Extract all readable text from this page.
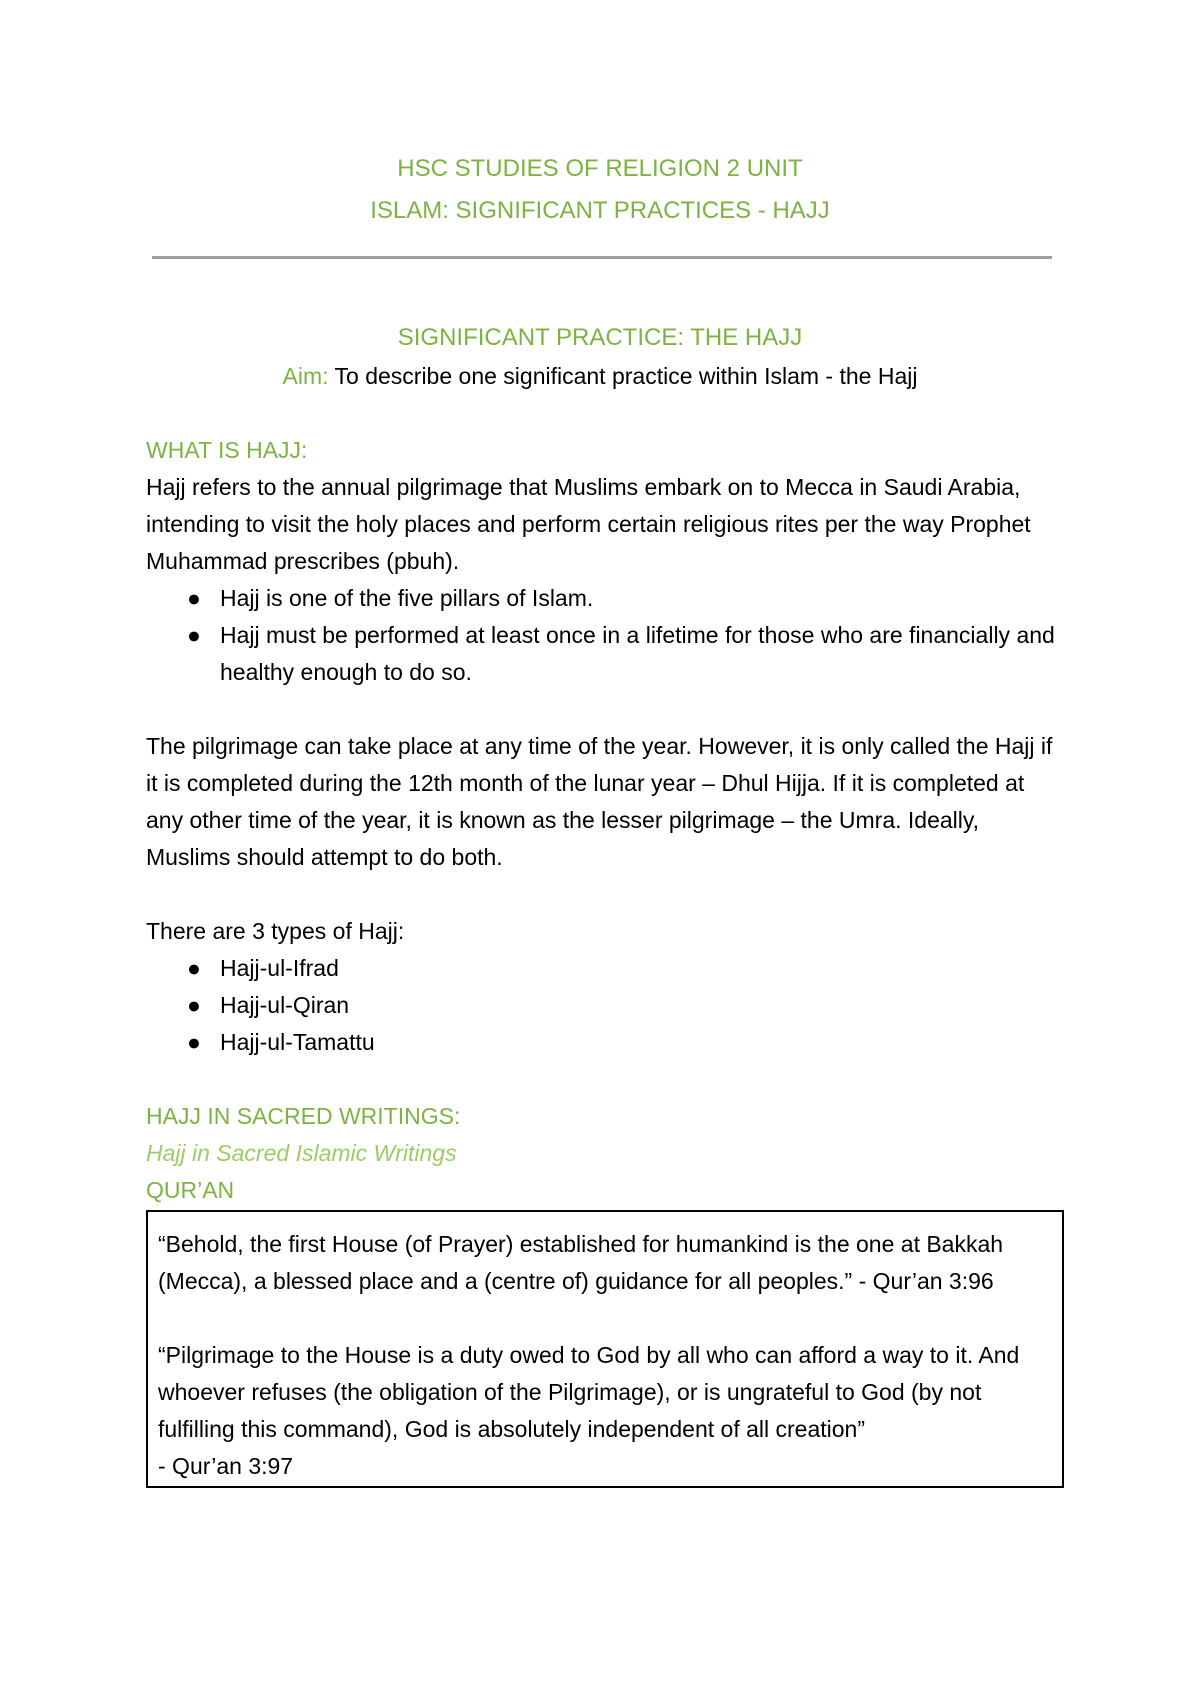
HSC STUDIES OF RELIGION 2 UNIT
ISLAM: SIGNIFICANT PRACTICES - HAJJ
SIGNIFICANT PRACTICE: THE HAJJ
Aim: To describe one significant practice within Islam - the Hajj

WHAT IS HAJJ:

Hajj refers to the annual pilgrimage that Muslims embark on to Mecca in Saudi Arabia, intending to visit the holy places and perform certain religious rites per the way Prophet Muhammad prescribes (pbuh).

● Hajj is one of the five pillars of Islam.
● Hajj must be performed at least once in a lifetime for those who are financially and healthy enough to do so.

The pilgrimage can take place at any time of the year. However, it is only called the Hajj if it is completed during the 12th month of the lunar year – Dhul Hijja. If it is completed at any other time of the year, it is known as the lesser pilgrimage – the Umra. Ideally, Muslims should attempt to do both.

There are 3 types of Hajj:

● Hajj-ul-Ifrad
● Hajj-ul-Qiran
● Hajj-ul-Tamattu

HAJJ IN SACRED WRITINGS:

Hajj in Sacred Islamic Writings

QUR’AN

“Behold, the first House (of Prayer) established for humankind is the one at Bakkah (Mecca), a blessed place and a (centre of) guidance for all peoples.” - Qur’an 3:96

“Pilgrimage to the House is a duty owed to God by all who can afford a way to it. And whoever refuses (the obligation of the Pilgrimage), or is ungrateful to God (by not fulfilling this command), God is absolutely independent of all creation”

- Qur’an 3:97
